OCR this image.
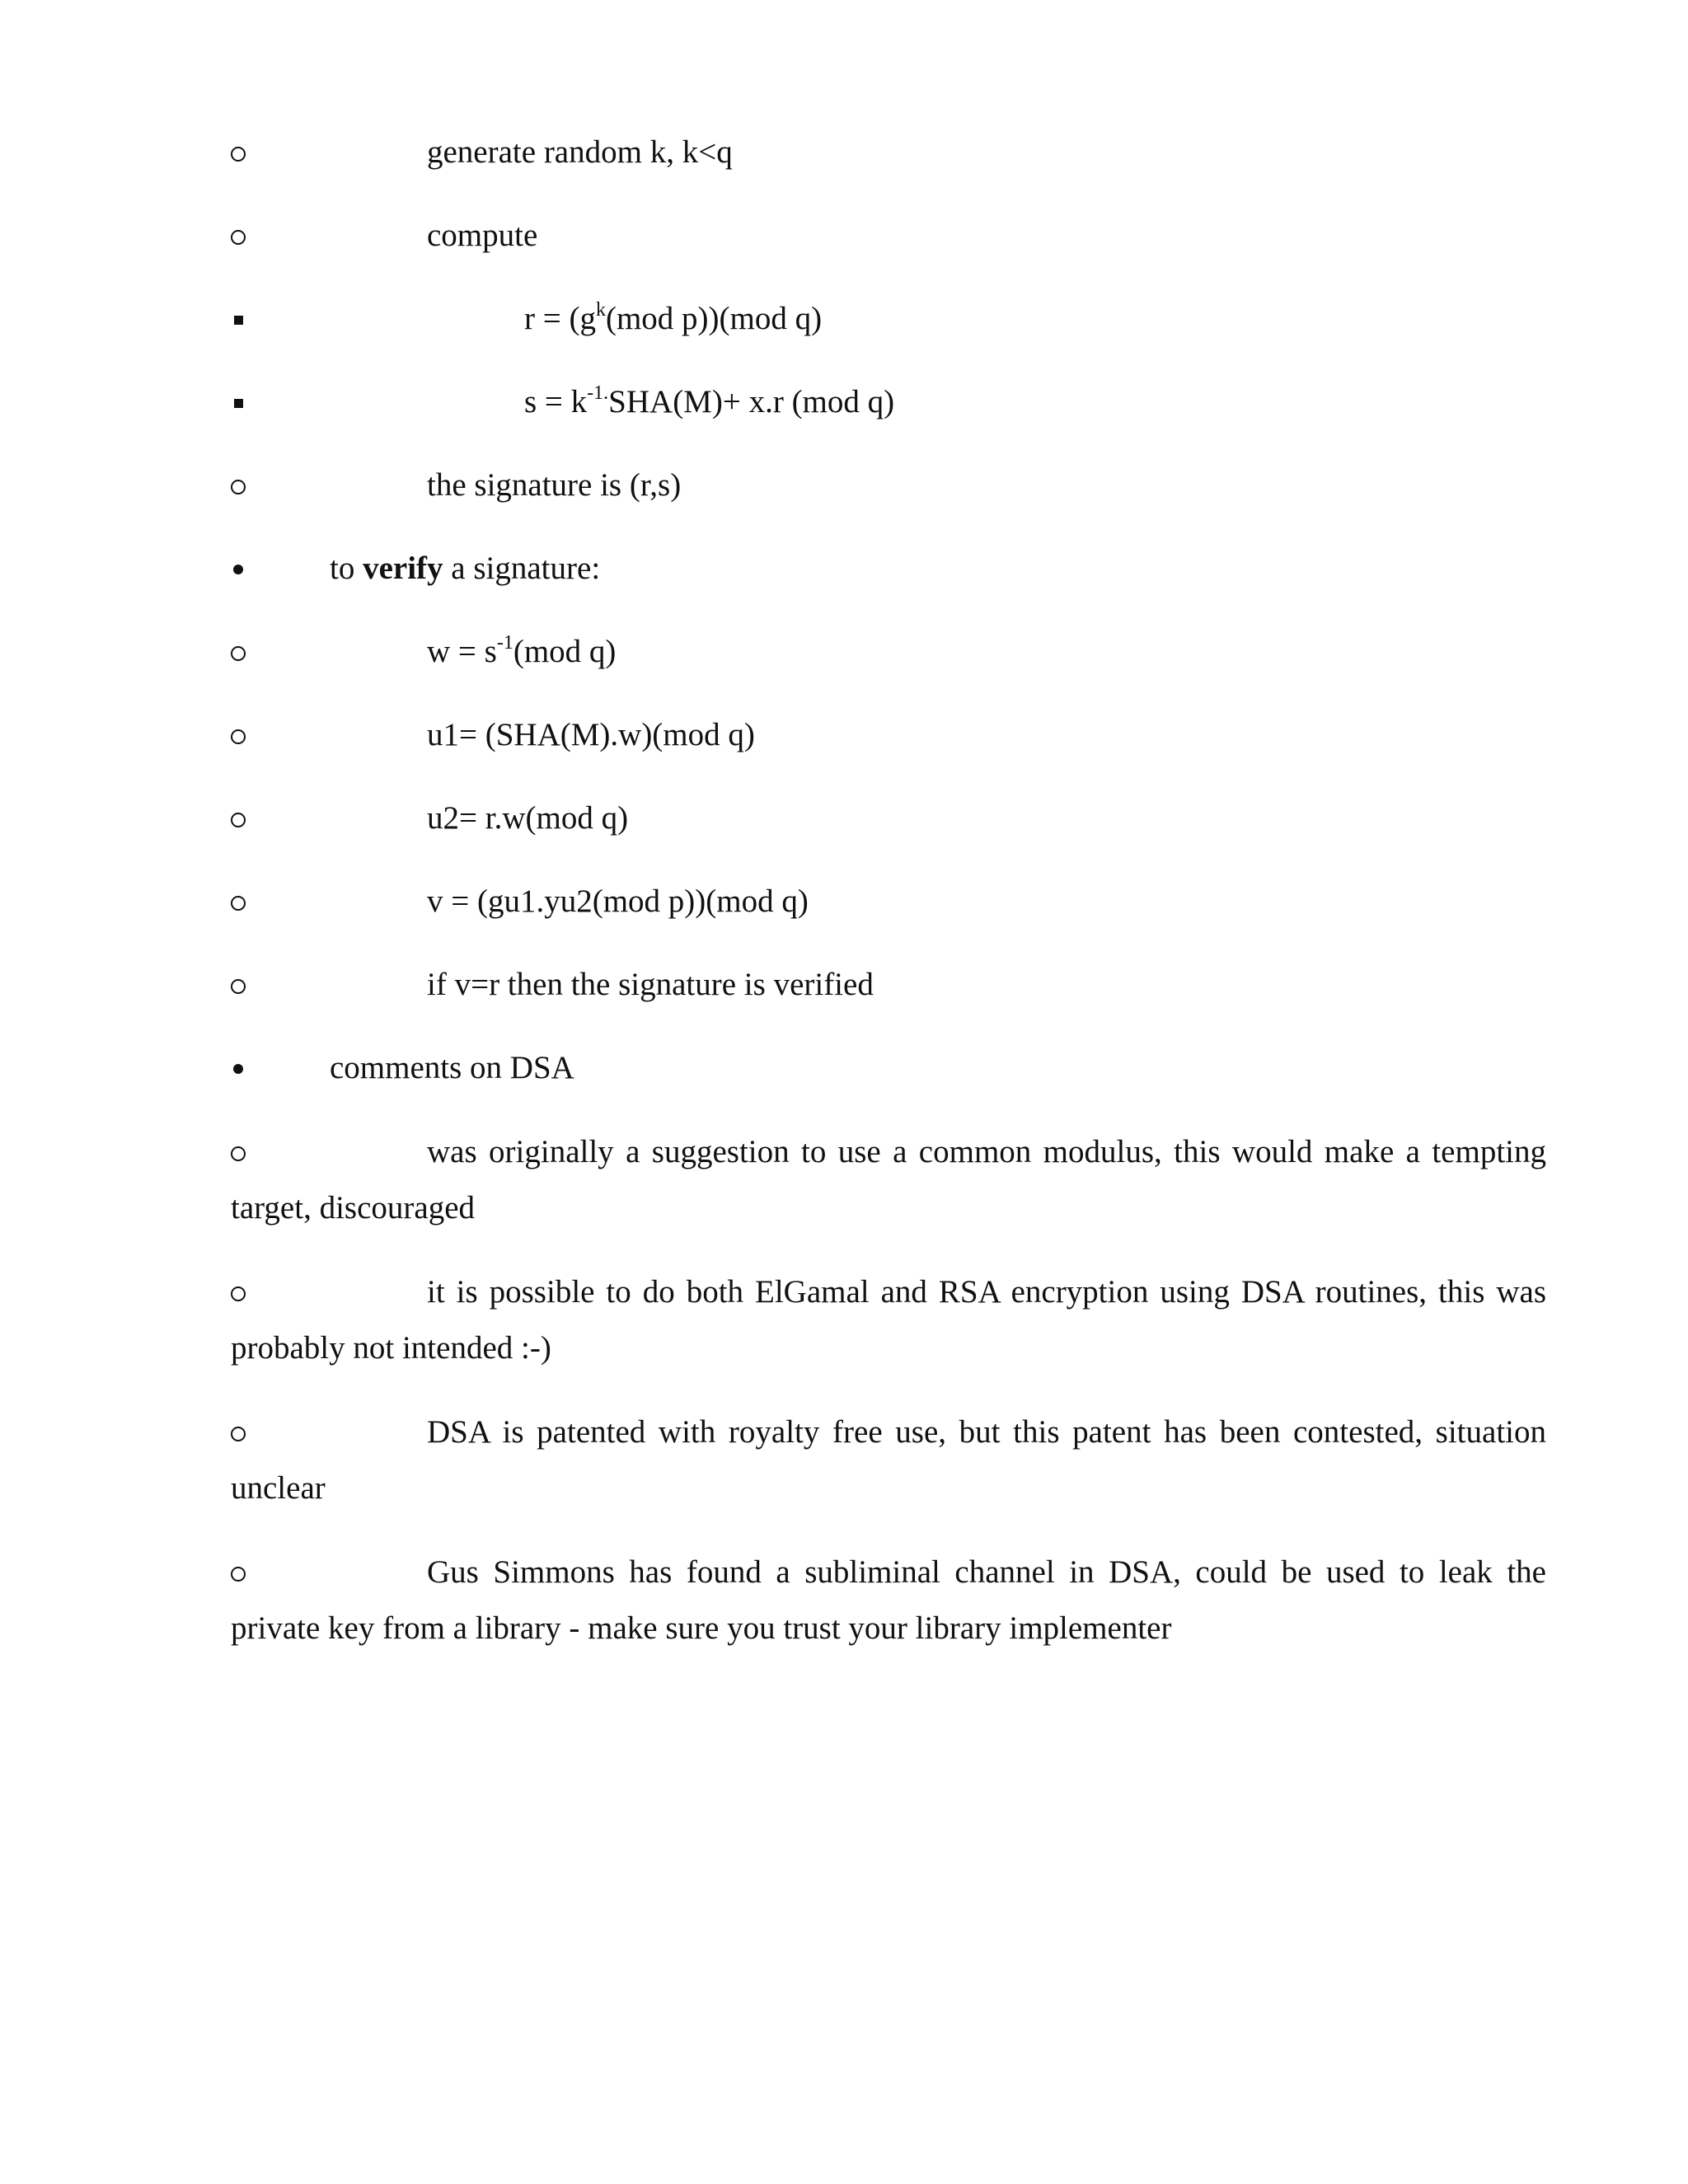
generate random k, k<q
compute
$r = (g^k(mod$ p))(mod q)
$s = k^{-1.}SHA(M)+ x.r$ (mod q)
the signature is (r,s)
to verify a signature:
$w = s^{-1}(mod$ q)
u1= (SHA(M).w)(mod q)
u2= r.w(mod q)
v = (gu1.yu2(mod p))(mod q)
if v=r then the signature is verified
comments on DSA
was originally a suggestion to use a common modulus, this would make a tempting
target, discouraged
it is possible to do both ElGamal and RSA encryption using DSA routines, this was
probably not intended :-)
DSA is patented with royalty free use, but this patent has been contested, situation
unclear
Gus Simmons has found a subliminal channel in DSA, could be used to leak the
private key from a library - make sure you trust your library implementer
